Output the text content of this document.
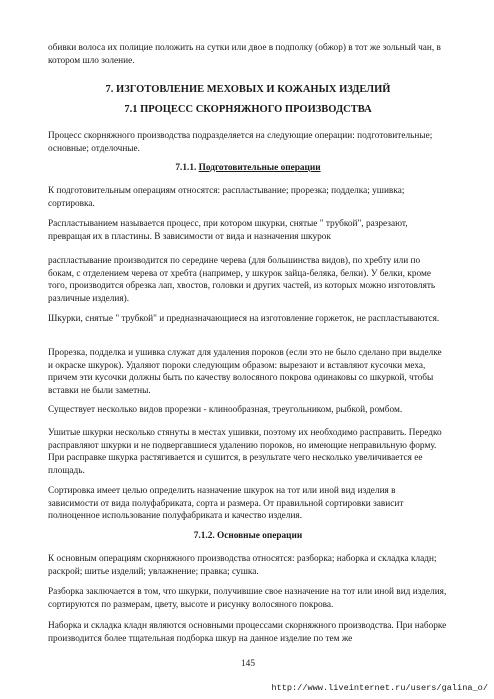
обивки волоса их полицие положить на сутки или двое в подполку (обжор) в тот же зольный чан, в котором шло золение.
7. ИЗГОТОВЛЕНИЕ МЕХОВЫХ И КОЖАНЫХ ИЗДЕЛИЙ
7.1 ПРОЦЕСС СКОРНЯЖНОГО ПРОИЗВОДСТВА
Процесс скорняжного производства подразделяется на следующие операции: подготовительные; основные; отделочные.
7.1.1. Подготовительные операции
К подготовительным операциям относятся: распластывание; прорезка; подделка; ушивка; сортировка.
Распластыванием называется процесс, при котором шкурки, снятые " трубкой", разрезают, превращая их в пластины. В зависимости от вида и назначения шкурок
распластывание производится по середине черева (для большинства видов), по хребту или по бокам, с отделением черева от хребта (например, у шкурок зайца-беляка, белки). У белки, кроме того, производится обрезка лап, хвостов, головки и других частей, из которых можно изготовлять различные изделия).
Шкурки, снятые " трубкой" и предназначающиеся на изготовление горжеток, не распластываются.
Прорезка, подделка и ушивка служат для удаления пороков (если это не было сделано при выделке и окраске шкурок). Удаляют пороки следующим образом: вырезают и вставляют кусочки меха, причем эти кусочки должны быть по качеству волосяного покрова одинаковы со шкуркой, чтобы вставки не были заметны.
Существует несколько видов прорезки - клинообразная, треугольником, рыбкой, ромбом.
Ушитые шкурки несколько стянуты в местах ушивки, поэтому их необходимо расправить. Передко расправляют шкурки и не подвергавшиеся удалению пороков, но имеющие неправильную форму. При расправке шкурка растягивается и сушится, в результате чего несколько увеличивается ее площадь.
Сортировка имеет целью определить назначение шкурок на тот или иной вид изделия в зависимости от вида полуфабриката, сорта и размера. От правильной сортировки зависит полноценное использование полуфабриката и качество изделия.
7.1.2. Основные операции
К основным операциям скорняжного производства относятся: разборка; наборка и складка кладн; раскрой; шитье изделий; увлажнение; правка; сушка.
Разборка заключается в том, что шкурки, получившие свое назначение на тот или иной вид изделия, сортируются по размерам, цвету, высоте и рисунку волосяного покрова.
Наборка и складка кладн являются основными процессами скорняжного производства. При наборке производится более тщательная подборка шкур на данное изделие по тем же
145
http://www.liveinternet.ru/users/galina_o/
